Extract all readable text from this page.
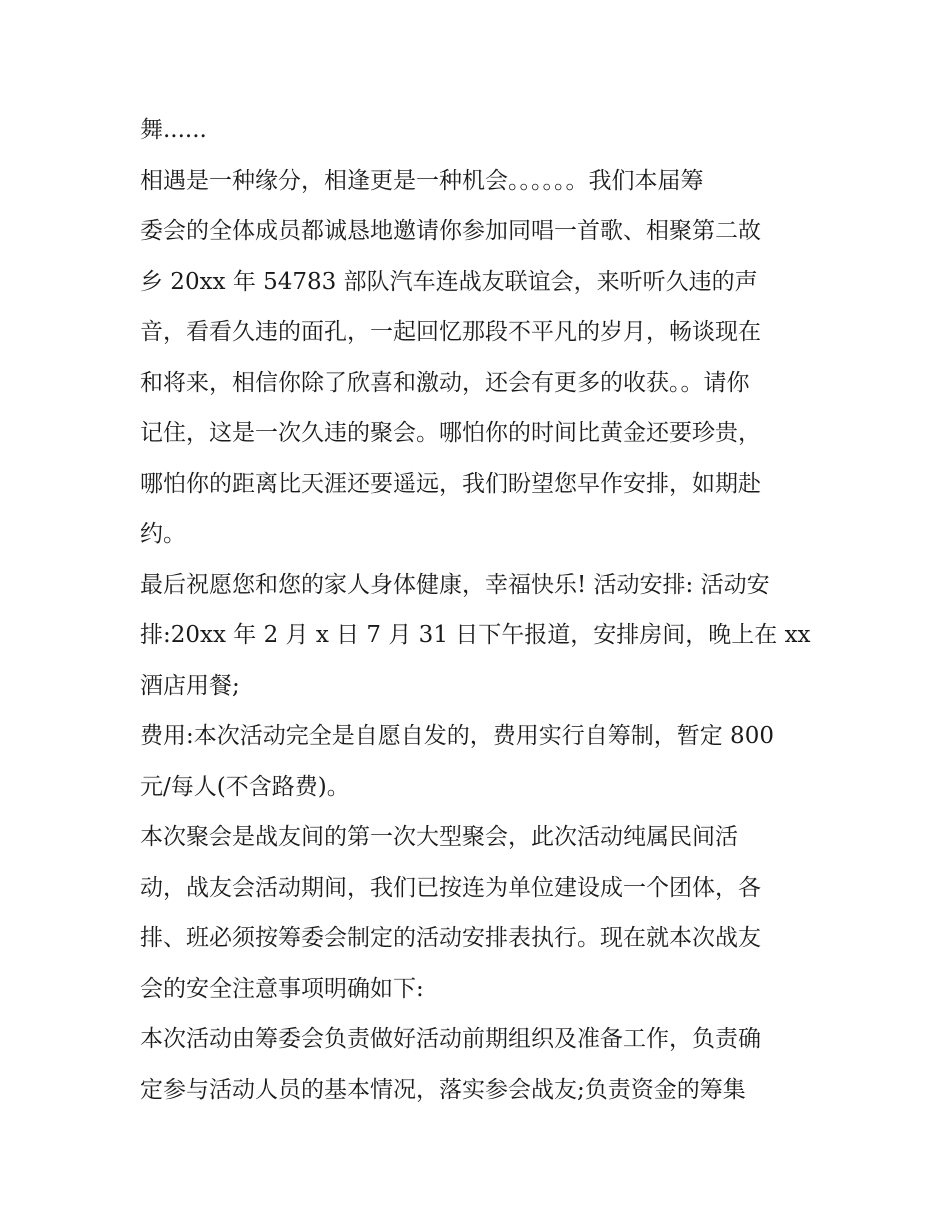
舞......
相遇是一种缘分，相逢更是一种机会。。。。。。我们本届筹
委会的全体成员都诚恳地邀请你参加同唱一首歌、相聚第二故
乡 20xx 年 54783 部队汽车连战友联谊会，来听听久违的声
音，看看久违的面孔，一起回忆那段不平凡的岁月，畅谈现在
和将来，相信你除了欣喜和激动，还会有更多的收获。。请你
记住，这是一次久违的聚会。哪怕你的时间比黄金还要珍贵，
哪怕你的距离比天涯还要遥远，我们盼望您早作安排，如期赴
约。
最后祝愿您和您的家人身体健康，幸福快乐! 活动安排: 活动安
排:20xx 年 2 月 x 日 7 月 31 日下午报道，安排房间，晚上在 xx
酒店用餐;
费用:本次活动完全是自愿自发的，费用实行自筹制，暂定 800
元/每人(不含路费)。
本次聚会是战友间的第一次大型聚会，此次活动纯属民间活
动，战友会活动期间，我们已按连为单位建设成一个团体，各
排、班必须按筹委会制定的活动安排表执行。现在就本次战友
会的安全注意事项明确如下:
本次活动由筹委会负责做好活动前期组织及准备工作，负责确
定参与活动人员的基本情况，落实参会战友;负责资金的筹集
